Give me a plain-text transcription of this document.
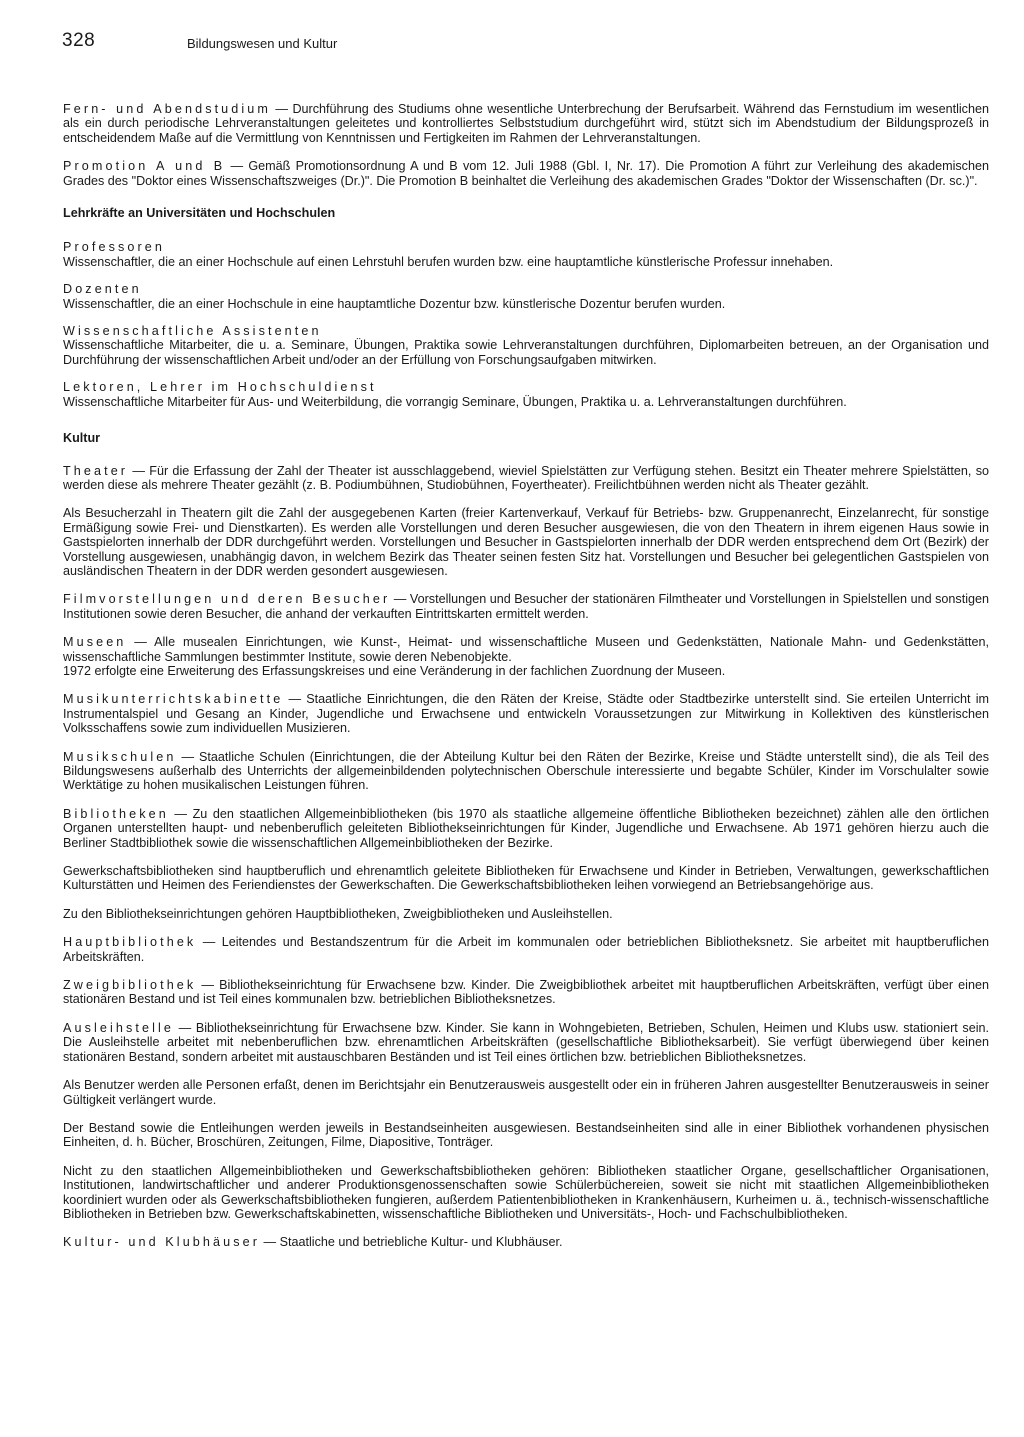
328	Bildungswesen und Kultur

Fern- und Abendstudium — Durchführung des Studiums ohne wesentliche Unterbrechung der Berufsarbeit. Während das Fernstudium im wesentlichen als ein durch periodische Lehrveranstaltungen geleitetes und kontrolliertes Selbststudium durchgeführt wird, stützt sich im Abendstudium der Bildungsprozeß in entscheidendem Maße auf die Vermittlung von Kenntnissen und Fertigkeiten im Rahmen der Lehrveranstaltungen.

Promotion A und B — Gemäß Promotionsordnung A und B vom 12. Juli 1988 (Gbl. I, Nr. 17). Die Promotion A führt zur Verleihung des akademischen Grades des "Doktor eines Wissenschaftszweiges (Dr.)". Die Promotion B beinhaltet die Verleihung des akademischen Grades "Doktor der Wissenschaften (Dr. sc.)".

Lehrkräfte an Universitäten und Hochschulen
Professoren
Wissenschaftler, die an einer Hochschule auf einen Lehrstuhl berufen wurden bzw. eine hauptamtliche künstlerische Professur innehaben.
Dozenten
Wissenschaftler, die an einer Hochschule in eine hauptamtliche Dozentur bzw. künstlerische Dozentur berufen wurden.
Wissenschaftliche Assistenten
Wissenschaftliche Mitarbeiter, die u. a. Seminare, Übungen, Praktika sowie Lehrveranstaltungen durchführen, Diplomarbeiten betreuen, an der Organisation und Durchführung der wissenschaftlichen Arbeit und/oder an der Erfüllung von Forschungsaufgaben mitwirken.
Lektoren, Lehrer im Hochschuldienst
Wissenschaftliche Mitarbeiter für Aus- und Weiterbildung, die vorrangig Seminare, Übungen, Praktika u. a. Lehrveranstaltungen durchführen.
Kultur

Theater — Für die Erfassung der Zahl der Theater ist ausschlaggebend, wieviel Spielstätten zur Verfügung stehen. Besitzt ein Theater mehrere Spielstätten, so werden diese als mehrere Theater gezählt (z. B. Podiumbühnen, Studiobühnen, Foyertheater). Freilichtbühnen werden nicht als Theater gezählt.

Als Besucherzahl in Theatern gilt die Zahl der ausgegebenen Karten (freier Kartenverkauf, Verkauf für Betriebs- bzw. Gruppenanrecht, Einzelanrecht, für sonstige Ermäßigung sowie Frei- und Dienstkarten). Es werden alle Vorstellungen und deren Besucher ausgewiesen, die von den Theatern in ihrem eigenen Haus sowie in Gastspielorten innerhalb der DDR durchgeführt werden. Vorstellungen und Besucher in Gastspielorten innerhalb der DDR werden entsprechend dem Ort (Bezirk) der Vorstellung ausgewiesen, unabhängig davon, in welchem Bezirk das Theater seinen festen Sitz hat. Vorstellungen und Besucher bei gelegentlichen Gastspielen von ausländischen Theatern in der DDR werden gesondert ausgewiesen.

Filmvorstellungen und deren Besucher — Vorstellungen und Besucher der stationären Filmtheater und Vorstellungen in Spielstellen und sonstigen Institutionen sowie deren Besucher, die anhand der verkauften Eintrittskarten ermittelt werden.

Museen — Alle musealen Einrichtungen, wie Kunst-, Heimat- und wissenschaftliche Museen und Gedenkstätten, Nationale Mahn- und Gedenkstätten, wissenschaftliche Sammlungen bestimmter Institute, sowie deren Nebenobjekte.
1972 erfolgte eine Erweiterung des Erfassungskreises und eine Veränderung in der fachlichen Zuordnung der Museen.

Musikunterrichtskabinette — Staatliche Einrichtungen, die den Räten der Kreise, Städte oder Stadtbezirke unterstellt sind. Sie erteilen Unterricht im Instrumentalspiel und Gesang an Kinder, Jugendliche und Erwachsene und entwickeln Voraussetzungen zur Mitwirkung in Kollektiven des künstlerischen Volksschaffens sowie zum individuellen Musizieren.

Musikschulen — Staatliche Schulen (Einrichtungen, die der Abteilung Kultur bei den Räten der Bezirke, Kreise und Städte unterstellt sind), die als Teil des Bildungswesens außerhalb des Unterrichts der allgemeinbildenden polytechnischen Oberschule interessierte und begabte Schüler, Kinder im Vorschulalter sowie Werktätige zu hohen musikalischen Leistungen führen.

Bibliotheken — Zu den staatlichen Allgemeinbibliotheken (bis 1970 als staatliche allgemeine öffentliche Bibliotheken bezeichnet) zählen alle den örtlichen Organen unterstellten haupt- und nebenberuflich geleiteten Bibliothekseinrichtungen für Kinder, Jugendliche und Erwachsene. Ab 1971 gehören hierzu auch die Berliner Stadtbibliothek sowie die wissenschaftlichen Allgemeinbibliotheken der Bezirke.

Gewerkschaftsbibliotheken sind hauptberuflich und ehrenamtlich geleitete Bibliotheken für Erwachsene und Kinder in Betrieben, Verwaltungen, gewerkschaftlichen Kulturstätten und Heimen des Feriendienstes der Gewerkschaften. Die Gewerkschaftsbibliotheken leihen vorwiegend an Betriebsangehörige aus.

Zu den Bibliothekseinrichtungen gehören Hauptbibliotheken, Zweigbibliotheken und Ausleihstellen.

Hauptbibliothek — Leitendes und Bestandszentrum für die Arbeit im kommunalen oder betrieblichen Bibliotheksnetz. Sie arbeitet mit hauptberuflichen Arbeitskräften.

Zweigbibliothek — Bibliothekseinrichtung für Erwachsene bzw. Kinder. Die Zweigbibliothek arbeitet mit hauptberuflichen Arbeitskräften, verfügt über einen stationären Bestand und ist Teil eines kommunalen bzw. betrieblichen Bibliotheksnetzes.

Ausleihstelle — Bibliothekseinrichtung für Erwachsene bzw. Kinder. Sie kann in Wohngebieten, Betrieben, Schulen, Heimen und Klubs usw. stationiert sein. Die Ausleihstelle arbeitet mit nebenberuflichen bzw. ehrenamtlichen Arbeitskräften (gesellschaftliche Bibliotheksarbeit). Sie verfügt überwiegend über keinen stationären Bestand, sondern arbeitet mit austauschbaren Beständen und ist Teil eines örtlichen bzw. betrieblichen Bibliotheksnetzes.

Als Benutzer werden alle Personen erfaßt, denen im Berichtsjahr ein Benutzerausweis ausgestellt oder ein in früheren Jahren ausgestellter Benutzerausweis in seiner Gültigkeit verlängert wurde.

Der Bestand sowie die Entleihungen werden jeweils in Bestandseinheiten ausgewiesen. Bestandseinheiten sind alle in einer Bibliothek vorhandenen physischen Einheiten, d. h. Bücher, Broschüren, Zeitungen, Filme, Diapositive, Tonträger.

Nicht zu den staatlichen Allgemeinbibliotheken und Gewerkschaftsbibliotheken gehören: Bibliotheken staatlicher Organe, gesellschaftlicher Organisationen, Institutionen, landwirtschaftlicher und anderer Produktionsgenossenschaften sowie Schülerbüchereien, soweit sie nicht mit staatlichen Allgemeinbibliotheken koordiniert wurden oder als Gewerkschaftsbibliotheken fungieren, außerdem Patientenbibliotheken in Krankenhäusern, Kurheimen u. ä., technisch-wissenschaftliche Bibliotheken in Betrieben bzw. Gewerkschaftskabinetten, wissenschaftliche Bibliotheken und Universitäts-, Hoch- und Fachschulbibliotheken.

Kultur- und Klubhäuser — Staatliche und betriebliche Kultur- und Klubhäuser.
